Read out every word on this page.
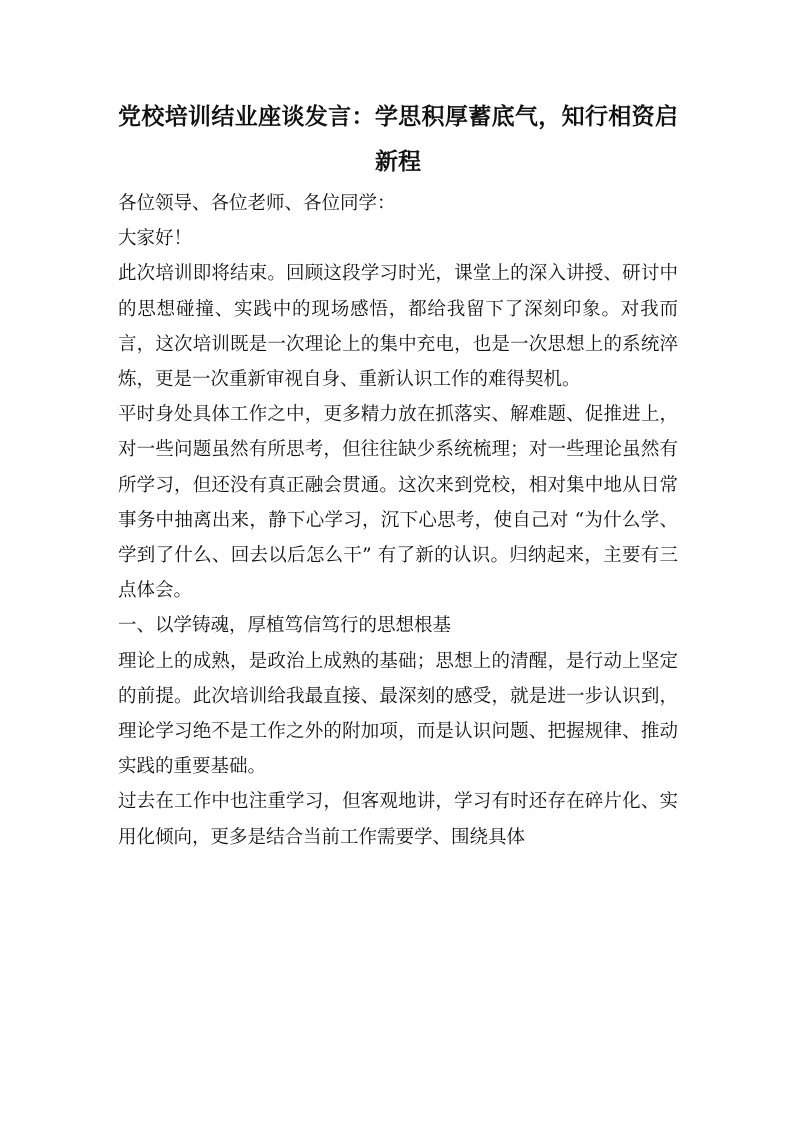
党校培训结业座谈发言：学思积厚蓄底气，知行相资启新程

各位领导、各位老师、各位同学：

大家好！

此次培训即将结束。回顾这段学习时光，课堂上的深入讲授、研讨中的思想碰撞、实践中的现场感悟，都给我留下了深刻印象。对我而言，这次培训既是一次理论上的集中充电，也是一次思想上的系统淬炼，更是一次重新审视自身、重新认识工作的难得契机。

平时身处具体工作之中，更多精力放在抓落实、解难题、促推进上，对一些问题虽然有所思考，但往往缺少系统梳理；对一些理论虽然有所学习，但还没有真正融会贯通。这次来到党校，相对集中地从日常事务中抽离出来，静下心学习，沉下心思考，使自己对 “为什么学、学到了什么、回去以后怎么干” 有了新的认识。归纳起来，主要有三点体会。

一、以学铸魂，厚植笃信笃行的思想根基

理论上的成熟，是政治上成熟的基础；思想上的清醒，是行动上坚定的前提。此次培训给我最直接、最深刻的感受，就是进一步认识到，理论学习绝不是工作之外的附加项，而是认识问题、把握规律、推动实践的重要基础。

过去在工作中也注重学习，但客观地讲，学习有时还存在碎片化、实用化倾向，更多是结合当前工作需要学、围绕具体
